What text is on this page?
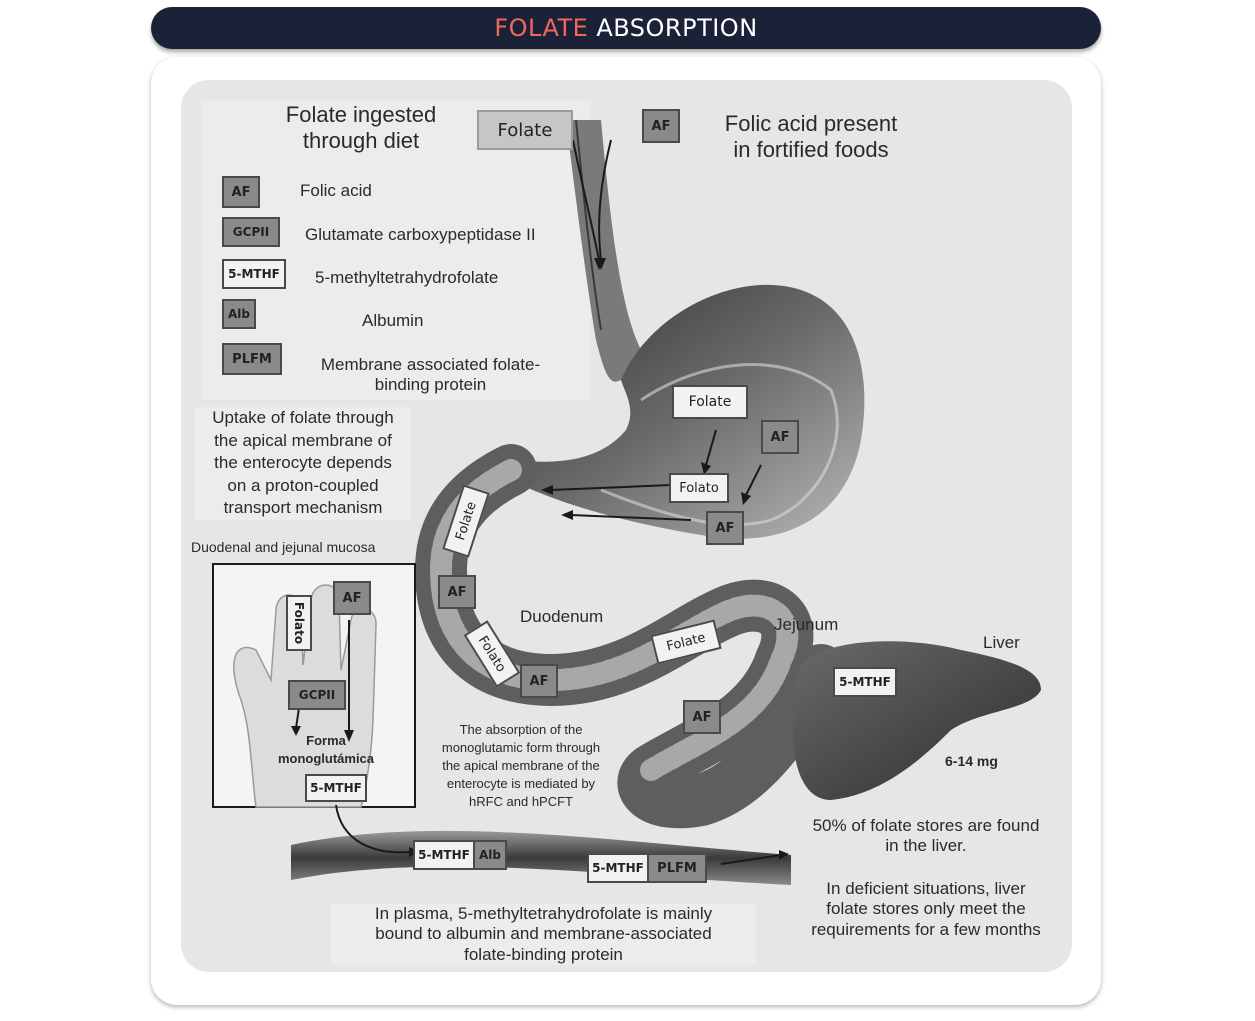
FOLATE ABSORPTION
Folate ingested
through diet	Folate	AF	Folic acid present
in fortified foods
AF	Folic acid
GCPII	Glutamate carboxypeptidase II
5-MTHF	5-methyltetrahydrofolate
Alb	Albumin
PLFM	Membrane associated folate-
binding protein
Uptake of folate through
the apical membrane of
the enterocyte depends
on a proton-coupled
transport mechanism
Duodenal and jejunal mucosa
Folato
AF
GCPII
Forma
monoglutámica
5-MTHF
Folate
AF
Folato
AF
Folate
AF
Folato
AF
Folate
AF
Duodenum	Jejunum
Liver
5-MTHF
6-14 mg
The absorption of the
monoglutamic form through
the apical membrane of the
enterocyte is mediated by
hRFC and hPCFT
5-MTHF Alb
5-MTHF	PLFM
In plasma, 5-methyltetrahydrofolate is mainly
bound to albumin and membrane-associated
folate-binding protein
50% of folate stores are found
in the liver.
In deficient situations, liver
folate stores only meet the
requirements for a few months
